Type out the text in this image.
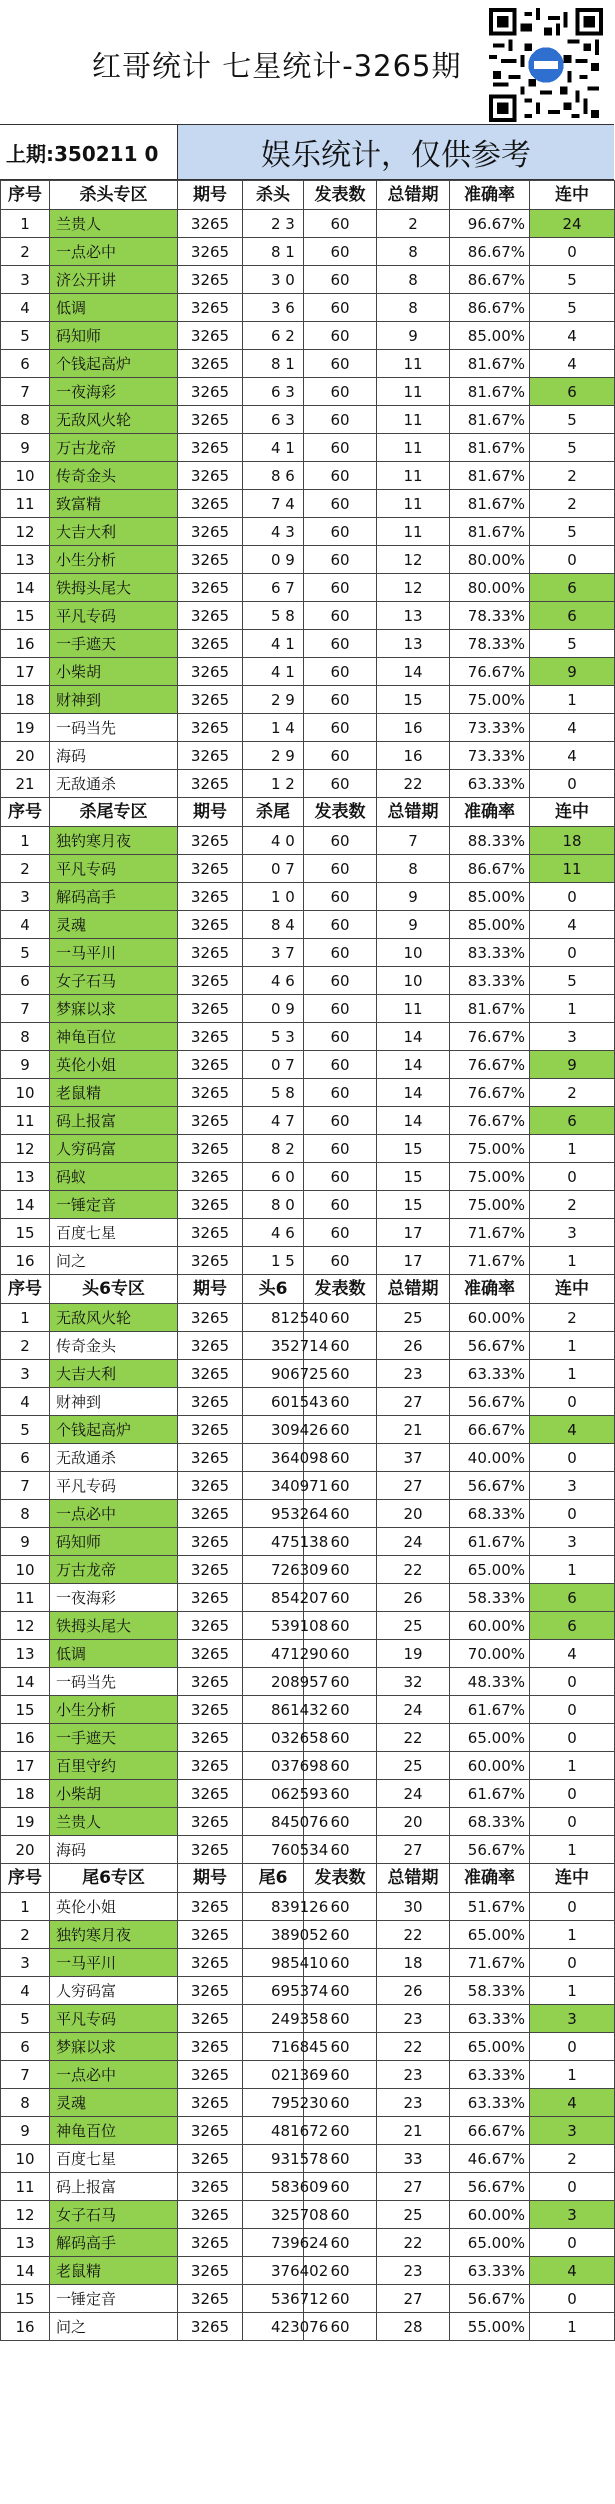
红哥统计 七星统计-3265期
上期:350211 0	娱乐统计，仅供参考
序号	杀头专区	期号	杀头	发表数	总错期	准确率	连中
1	兰贵人	3265	2 3	60	2	96.67%	24
2	一点必中	3265	8 1	60	8	86.67%	0
3	济公开讲	3265	3 0	60	8	86.67%	5
4	低调	3265	3 6	60	8	86.67%	5
5	码知师	3265	6 2	60	9	85.00%	4
6	个钱起高炉	3265	8 1	60	11	81.67%	4
7	一夜海彩	3265	6 3	60	11	81.67%	6
8	无敌风火轮	3265	6 3	60	11	81.67%	5
9	万古龙帝	3265	4 1	60	11	81.67%	5
10	传奇金头	3265	8 6	60	11	81.67%	2
11	致富精	3265	7 4	60	11	81.67%	2
12	大吉大利	3265	4 3	60	11	81.67%	5
13	小生分析	3265	0 9	60	12	80.00%	0
14	铁拇头尾大	3265	6 7	60	12	80.00%	6
15	平凡专码	3265	5 8	60	13	78.33%	6
16	一手遮天	3265	4 1	60	13	78.33%	5
17	小柴胡	3265	4 1	60	14	76.67%	9
18	财神到	3265	2 9	60	15	75.00%	1
19	一码当先	3265	1 4	60	16	73.33%	4
20	海码	3265	2 9	60	16	73.33%	4
21	无敌通杀	3265	1 2	60	22	63.33%	0
序号	杀尾专区	期号	杀尾	发表数	总错期	准确率	连中
1	独钓寒月夜	3265	4 0	60	7	88.33%	18
2	平凡专码	3265	0 7	60	8	86.67%	11
3	解码高手	3265	1 0	60	9	85.00%	0
4	灵魂	3265	8 4	60	9	85.00%	4
5	一马平川	3265	3 7	60	10	83.33%	0
6	女子石马	3265	4 6	60	10	83.33%	5
7	梦寐以求	3265	0 9	60	11	81.67%	1
8	神龟百位	3265	5 3	60	14	76.67%	3
9	英伦小姐	3265	0 7	60	14	76.67%	9
10	老鼠精	3265	5 8	60	14	76.67%	2
11	码上报富	3265	4 7	60	14	76.67%	6
12	人穷码富	3265	8 2	60	15	75.00%	1
13	码蚁	3265	6 0	60	15	75.00%	0
14	一锤定音	3265	8 0	60	15	75.00%	2
15	百度七星	3265	4 6	60	17	71.67%	3
16	问之	3265	1 5	60	17	71.67%	1
序号	头6专区	期号	头6	发表数	总错期	准确率	连中
1	无敌风火轮	3265	812540	60	25	60.00%	2
2	传奇金头	3265	352714	60	26	56.67%	1
3	大吉大利	3265	906725	60	23	63.33%	1
4	财神到	3265	601543	60	27	56.67%	0
5	个钱起高炉	3265	309426	60	21	66.67%	4
6	无敌通杀	3265	364098	60	37	40.00%	0
7	平凡专码	3265	340971	60	27	56.67%	3
8	一点必中	3265	953264	60	20	68.33%	0
9	码知师	3265	475138	60	24	61.67%	3
10	万古龙帝	3265	726309	60	22	65.00%	1
11	一夜海彩	3265	854207	60	26	58.33%	6
12	铁拇头尾大	3265	539108	60	25	60.00%	6
13	低调	3265	471290	60	19	70.00%	4
14	一码当先	3265	208957	60	32	48.33%	0
15	小生分析	3265	861432	60	24	61.67%	0
16	一手遮天	3265	032658	60	22	65.00%	0
17	百里守约	3265	037698	60	25	60.00%	1
18	小柴胡	3265	062593	60	24	61.67%	0
19	兰贵人	3265	845076	60	20	68.33%	0
20	海码	3265	760534	60	27	56.67%	1
序号	尾6专区	期号	尾6	发表数	总错期	准确率	连中
1	英伦小姐	3265	839126	60	30	51.67%	0
2	独钓寒月夜	3265	389052	60	22	65.00%	1
3	一马平川	3265	985410	60	18	71.67%	0
4	人穷码富	3265	695374	60	26	58.33%	1
5	平凡专码	3265	249358	60	23	63.33%	3
6	梦寐以求	3265	716845	60	22	65.00%	0
7	一点必中	3265	021369	60	23	63.33%	1
8	灵魂	3265	795230	60	23	63.33%	4
9	神龟百位	3265	481672	60	21	66.67%	3
10	百度七星	3265	931578	60	33	46.67%	2
11	码上报富	3265	583609	60	27	56.67%	0
12	女子石马	3265	325708	60	25	60.00%	3
13	解码高手	3265	739624	60	22	65.00%	0
14	老鼠精	3265	376402	60	23	63.33%	4
15	一锤定音	3265	536712	60	27	56.67%	0
16	问之	3265	423076	60	28	55.00%	1
